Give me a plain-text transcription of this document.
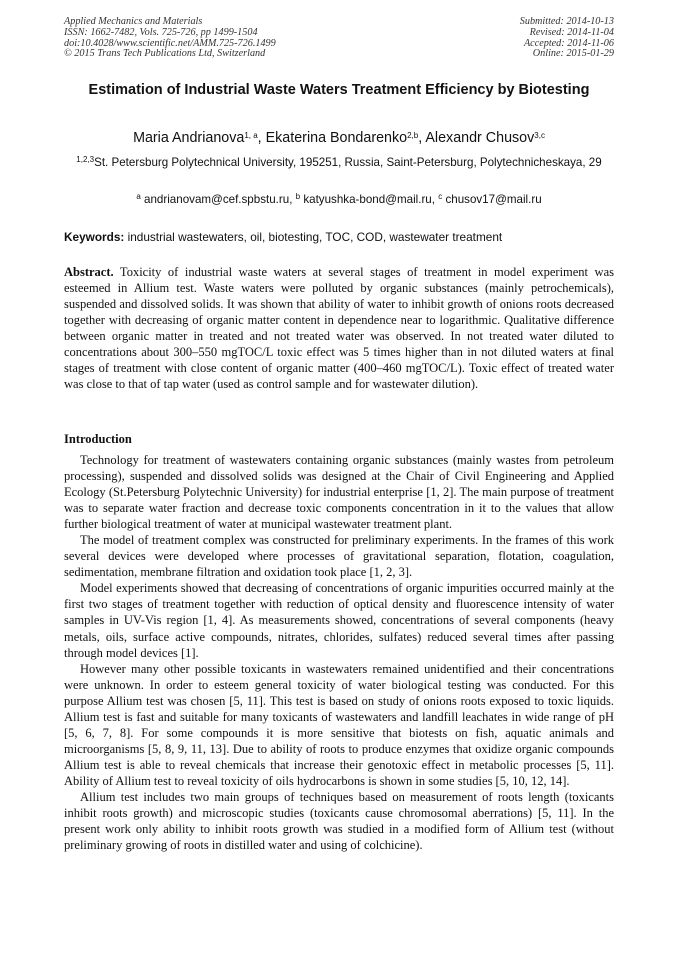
Applied Mechanics and Materials
ISSN: 1662-7482, Vols. 725-726, pp 1499-1504
doi:10.4028/www.scientific.net/AMM.725-726.1499
© 2015 Trans Tech Publications Ltd, Switzerland
Submitted: 2014-10-13
Revised: 2014-11-04
Accepted: 2014-11-06
Online: 2015-01-29
Estimation of Industrial Waste Waters Treatment Efficiency by Biotesting
Maria Andrianova$^{1, a}$, Ekaterina Bondarenko$^{2,b}$, Alexandr Chusov$^{3,c}$
$^{1,2,3}$St. Petersburg Polytechnical University, 195251, Russia, Saint-Petersburg, Polytechnicheskaya, 29
$^a$ andrianovam@cef.spbstu.ru, $^b$ katyushka-bond@mail.ru, $^c$ chusov17@mail.ru
Keywords: industrial wastewaters, oil, biotesting, TOC, COD, wastewater treatment
Abstract. Toxicity of industrial waste waters at several stages of treatment in model experiment was esteemed in Allium test. Waste waters were polluted by organic substances (mainly petrochemicals), suspended and dissolved solids. It was shown that ability of water to inhibit growth of onions roots decreased together with decreasing of organic matter content in dependence near to logarithmic. Qualitative difference between organic matter in treated and not treated water was observed. In not treated water diluted to concentrations about 300–550 mgTOC/L toxic effect was 5 times higher than in not diluted waters at final stages of treatment with close content of organic matter (400–460 mgTOC/L). Toxic effect of treated water was close to that of tap water (used as control sample and for wastewater dilution).
Introduction

Technology for treatment of wastewaters containing organic substances (mainly wastes from petroleum processing), suspended and dissolved solids was designed at the Chair of Civil Engineering and Applied Ecology (St.Petersburg Polytechnic University) for industrial enterprise [1, 2]. The main purpose of treatment was to separate water fraction and decrease toxic components concentration in it to the values that allow further biological treatment of water at municipal wastewater treatment plant.

The model of treatment complex was constructed for preliminary experiments. In the frames of this work several devices were developed where processes of gravitational separation, flotation, coagulation, sedimentation, membrane filtration and oxidation took place [1, 2, 3].

Model experiments showed that decreasing of concentrations of organic impurities occurred mainly at the first two stages of treatment together with reduction of optical density and fluorescence intensity of water samples in UV-Vis region [1, 4]. As measurements showed, concentrations of several components (heavy metals, oils, surface active compounds, nitrates, chlorides, sulfates) reduced several times after passing through model devices [1].

However many other possible toxicants in wastewaters remained unidentified and their concentrations were unknown. In order to esteem general toxicity of water biological testing was conducted. For this purpose Allium test was chosen [5, 11]. This test is based on study of onions roots exposed to toxic liquids. Allium test is fast and suitable for many toxicants of wastewaters and landfill leachates in wide range of pH [5, 6, 7, 8]. For some compounds it is more sensitive that biotests on fish, aquatic animals and microorganisms [5, 8, 9, 11, 13]. Due to ability of roots to produce enzymes that oxidize organic compounds Allium test is able to reveal chemicals that increase their genotoxic effect in metabolic processes [5, 11]. Ability of Allium test to reveal toxicity of oils hydrocarbons is shown in some studies [5, 10, 12, 14].

Allium test includes two main groups of techniques based on measurement of roots length (toxicants inhibit roots growth) and microscopic studies (toxicants cause chromosomal aberrations) [5, 11]. In the present work only ability to inhibit roots growth was studied in a modified form of Allium test (without preliminary growing of roots in distilled water and using of colchicine).
